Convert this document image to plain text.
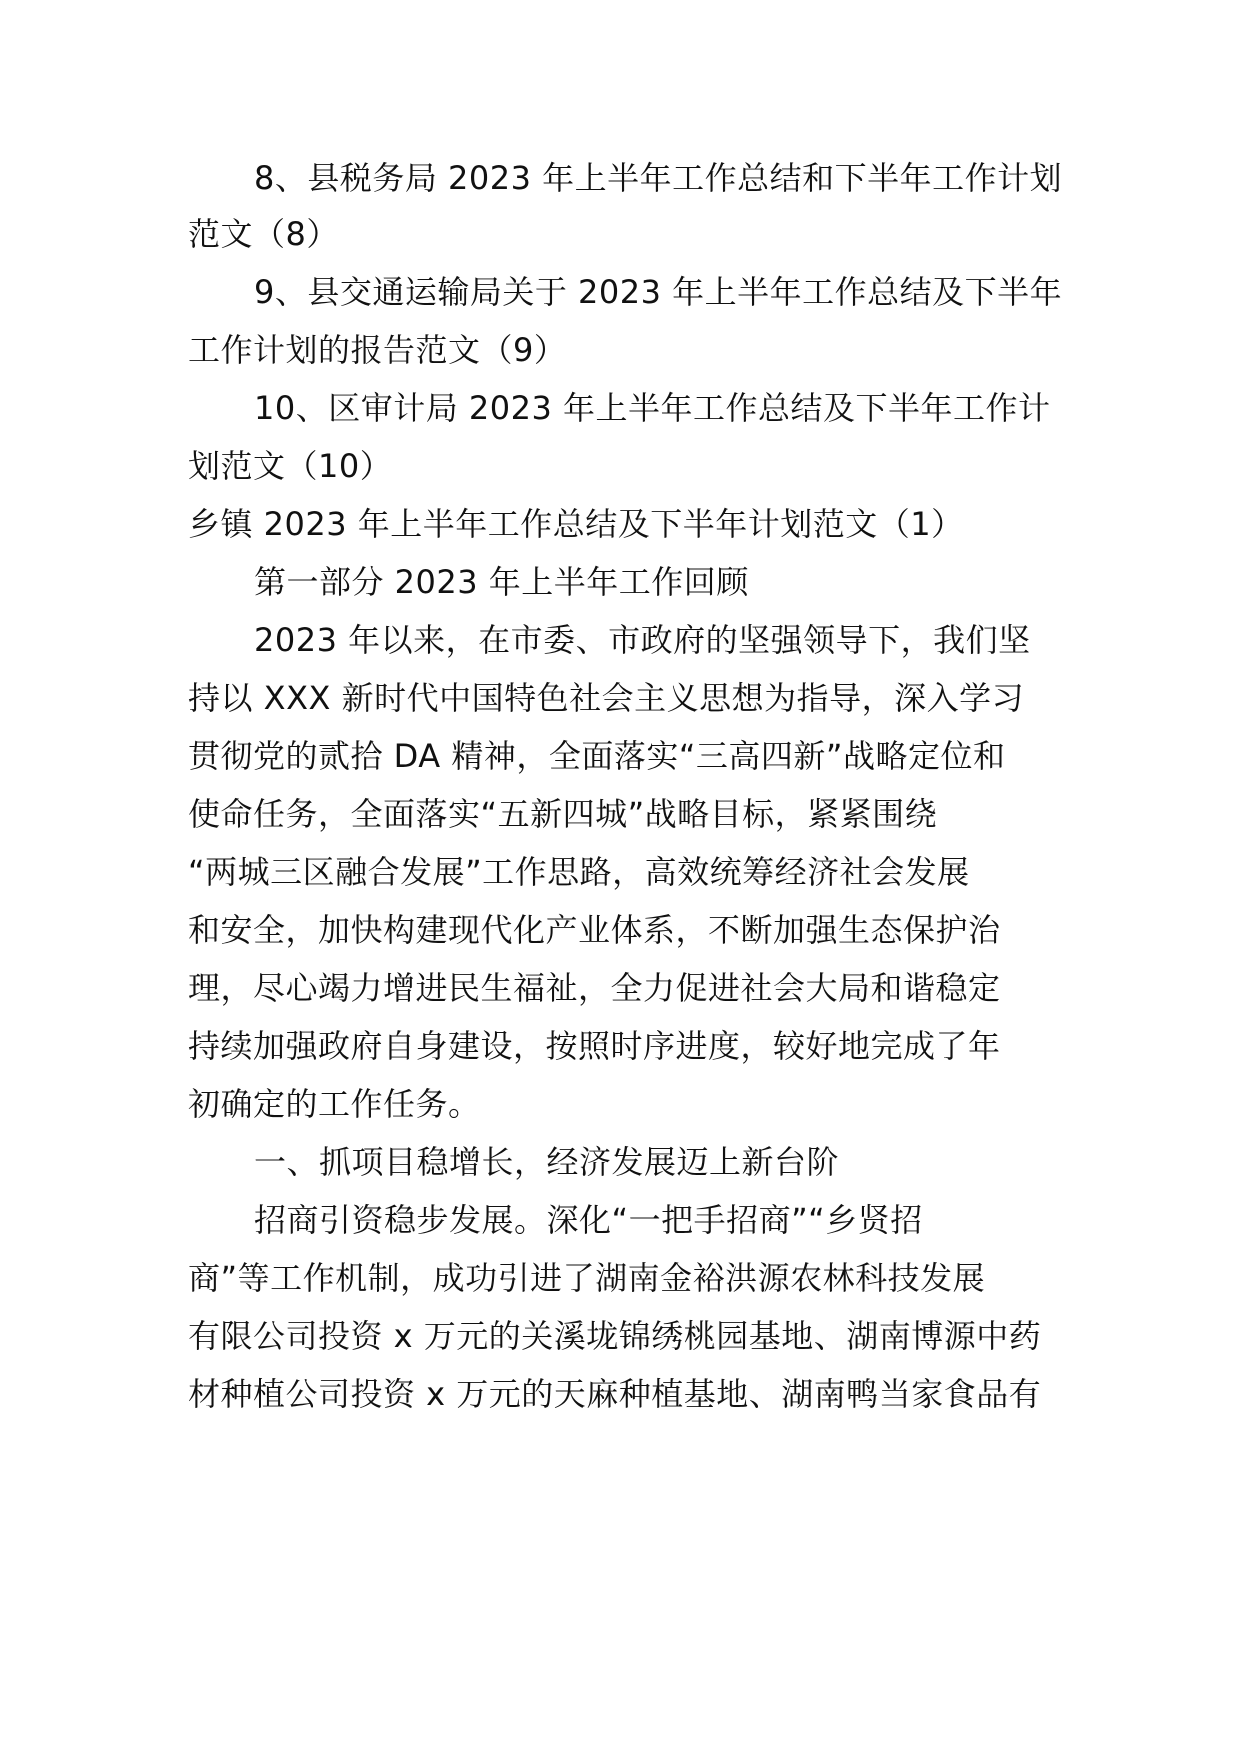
8、县税务局 2023 年上半年工作总结和下半年工作计划
范文（8）
9、县交通运输局关于 2023 年上半年工作总结及下半年
工作计划的报告范文（9）
10、区审计局 2023 年上半年工作总结及下半年工作计
划范文（10）
乡镇 2023 年上半年工作总结及下半年计划范文（1）
第一部分 2023 年上半年工作回顾
2023 年以来，在市委、市政府的坚强领导下，我们坚
持以 XXX 新时代中国特色社会主义思想为指导，深入学习
贯彻党的贰拾 DA 精神，全面落实“三高四新”战略定位和
使命任务，全面落实“五新四城”战略目标，紧紧围绕
“两城三区融合发展”工作思路，高效统筹经济社会发展
和安全，加快构建现代化产业体系，不断加强生态保护治
理，尽心竭力增进民生福祉，全力促进社会大局和谐稳定
持续加强政府自身建设，按照时序进度，较好地完成了年
初确定的工作任务。
一、抓项目稳增长，经济发展迈上新台阶
招商引资稳步发展。深化“一把手招商”“乡贤招
商”等工作机制，成功引进了湖南金裕洪源农林科技发展
有限公司投资 x 万元的关溪垅锦绣桃园基地、湖南博源中药
材种植公司投资 x 万元的天麻种植基地、湖南鸭当家食品有
